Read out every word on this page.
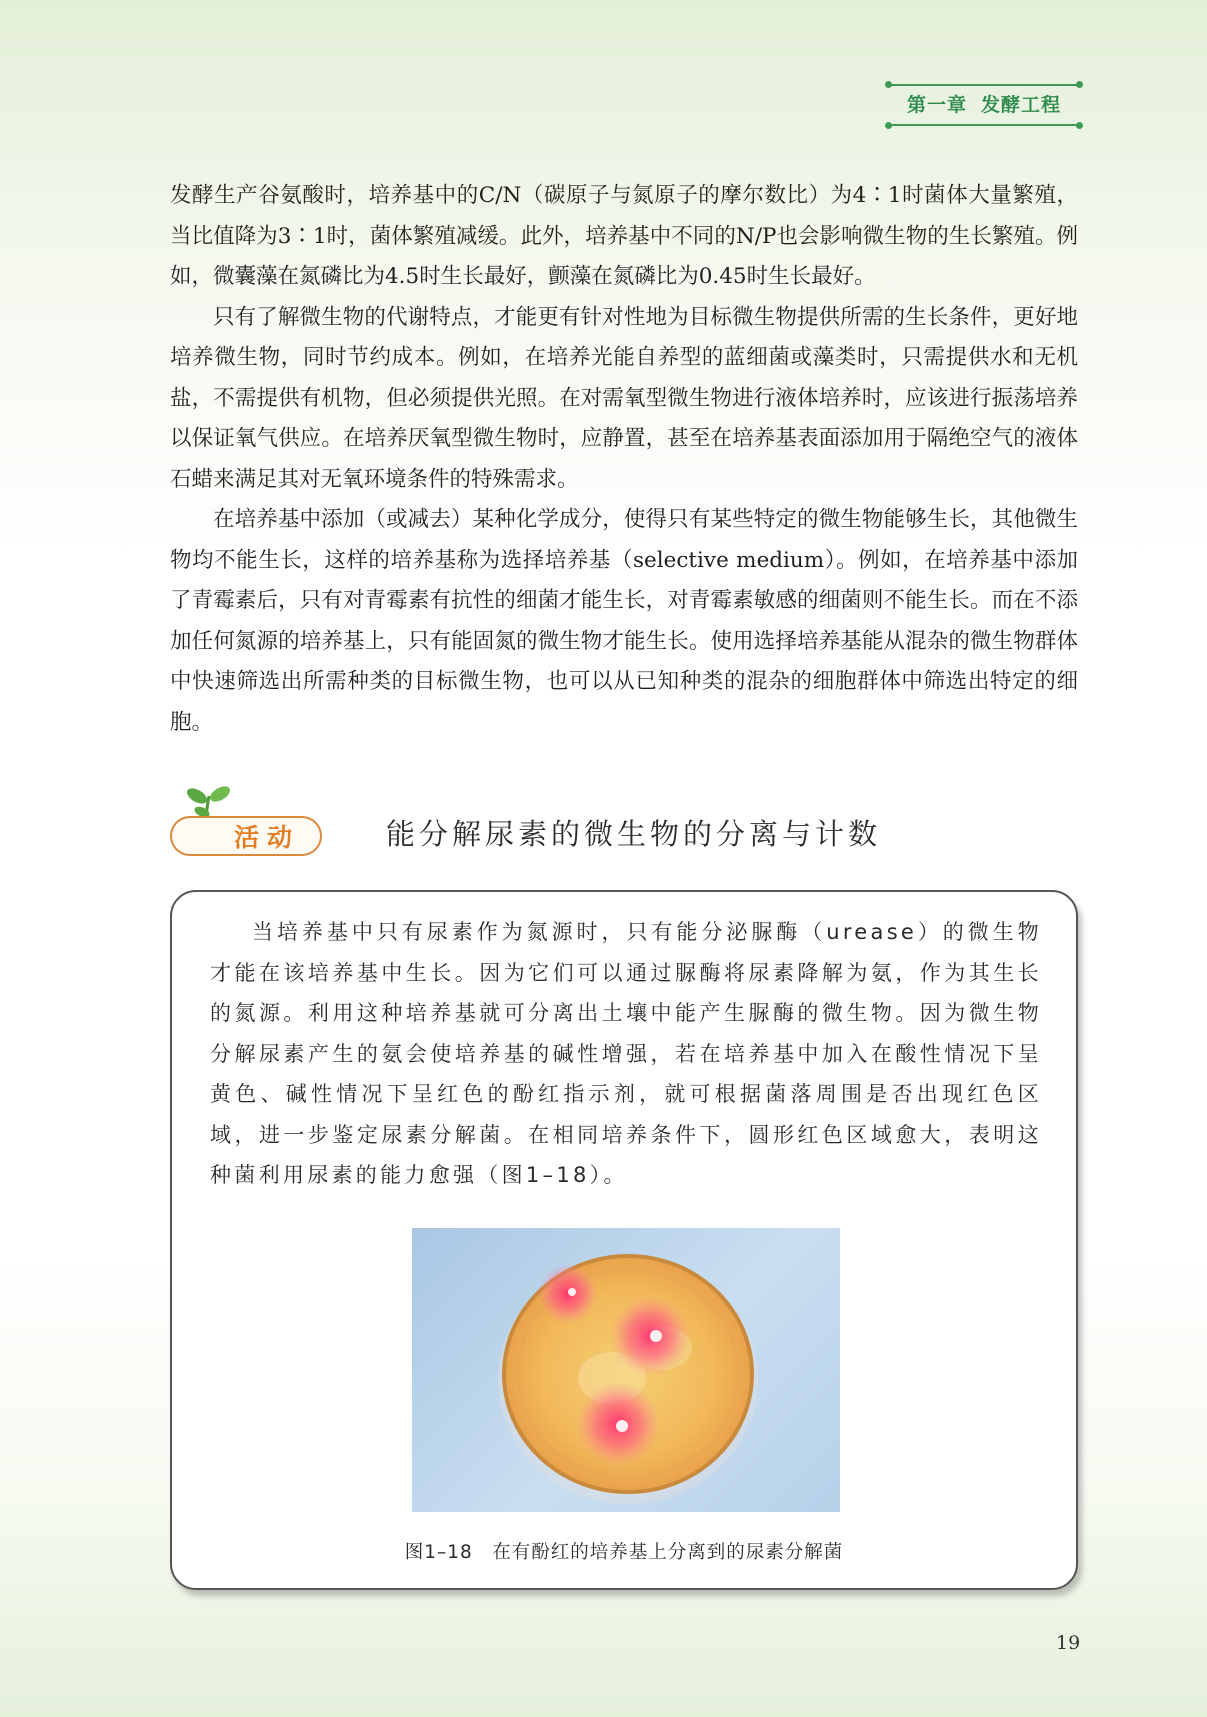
第一章 发酵工程

发酵生产谷氨酸时，培养基中的C/N（碳原子与氮原子的摩尔数比）为4∶1时菌体大量繁殖，当比值降为3∶1时，菌体繁殖减缓。此外，培养基中不同的N/P也会影响微生物的生长繁殖。例如，微囊藻在氮磷比为4.5时生长最好，颤藻在氮磷比为0.45时生长最好。

只有了解微生物的代谢特点，才能更有针对性地为目标微生物提供所需的生长条件，更好地培养微生物，同时节约成本。例如，在培养光能自养型的蓝细菌或藻类时，只需提供水和无机盐，不需提供有机物，但必须提供光照。在对需氧型微生物进行液体培养时，应该进行振荡培养以保证氧气供应。在培养厌氧型微生物时，应静置，甚至在培养基表面添加用于隔绝空气的液体石蜡来满足其对无氧环境条件的特殊需求。

在培养基中添加（或减去）某种化学成分，使得只有某些特定的微生物能够生长，其他微生物均不能生长，这样的培养基称为选择培养基（selective medium）。例如，在培养基中添加了青霉素后，只有对青霉素有抗性的细菌才能生长，对青霉素敏感的细菌则不能生长。而在不添加任何氮源的培养基上，只有能固氮的微生物才能生长。使用选择培养基能从混杂的微生物群体中快速筛选出所需种类的目标微生物，也可以从已知种类的混杂的细胞群体中筛选出特定的细胞。

活动	能分解尿素的微生物的分离与计数

当培养基中只有尿素作为氮源时，只有能分泌脲酶（urease）的微生物才能在该培养基中生长。因为它们可以通过脲酶将尿素降解为氨，作为其生长的氮源。利用这种培养基就可分离出土壤中能产生脲酶的微生物。因为微生物分解尿素产生的氨会使培养基的碱性增强，若在培养基中加入在酸性情况下呈黄色、碱性情况下呈红色的酚红指示剂，就可根据菌落周围是否出现红色区域，进一步鉴定尿素分解菌。在相同培养条件下，圆形红色区域愈大，表明这种菌利用尿素的能力愈强（图1–18）。

图1–18　在有酚红的培养基上分离到的尿素分解菌
19
